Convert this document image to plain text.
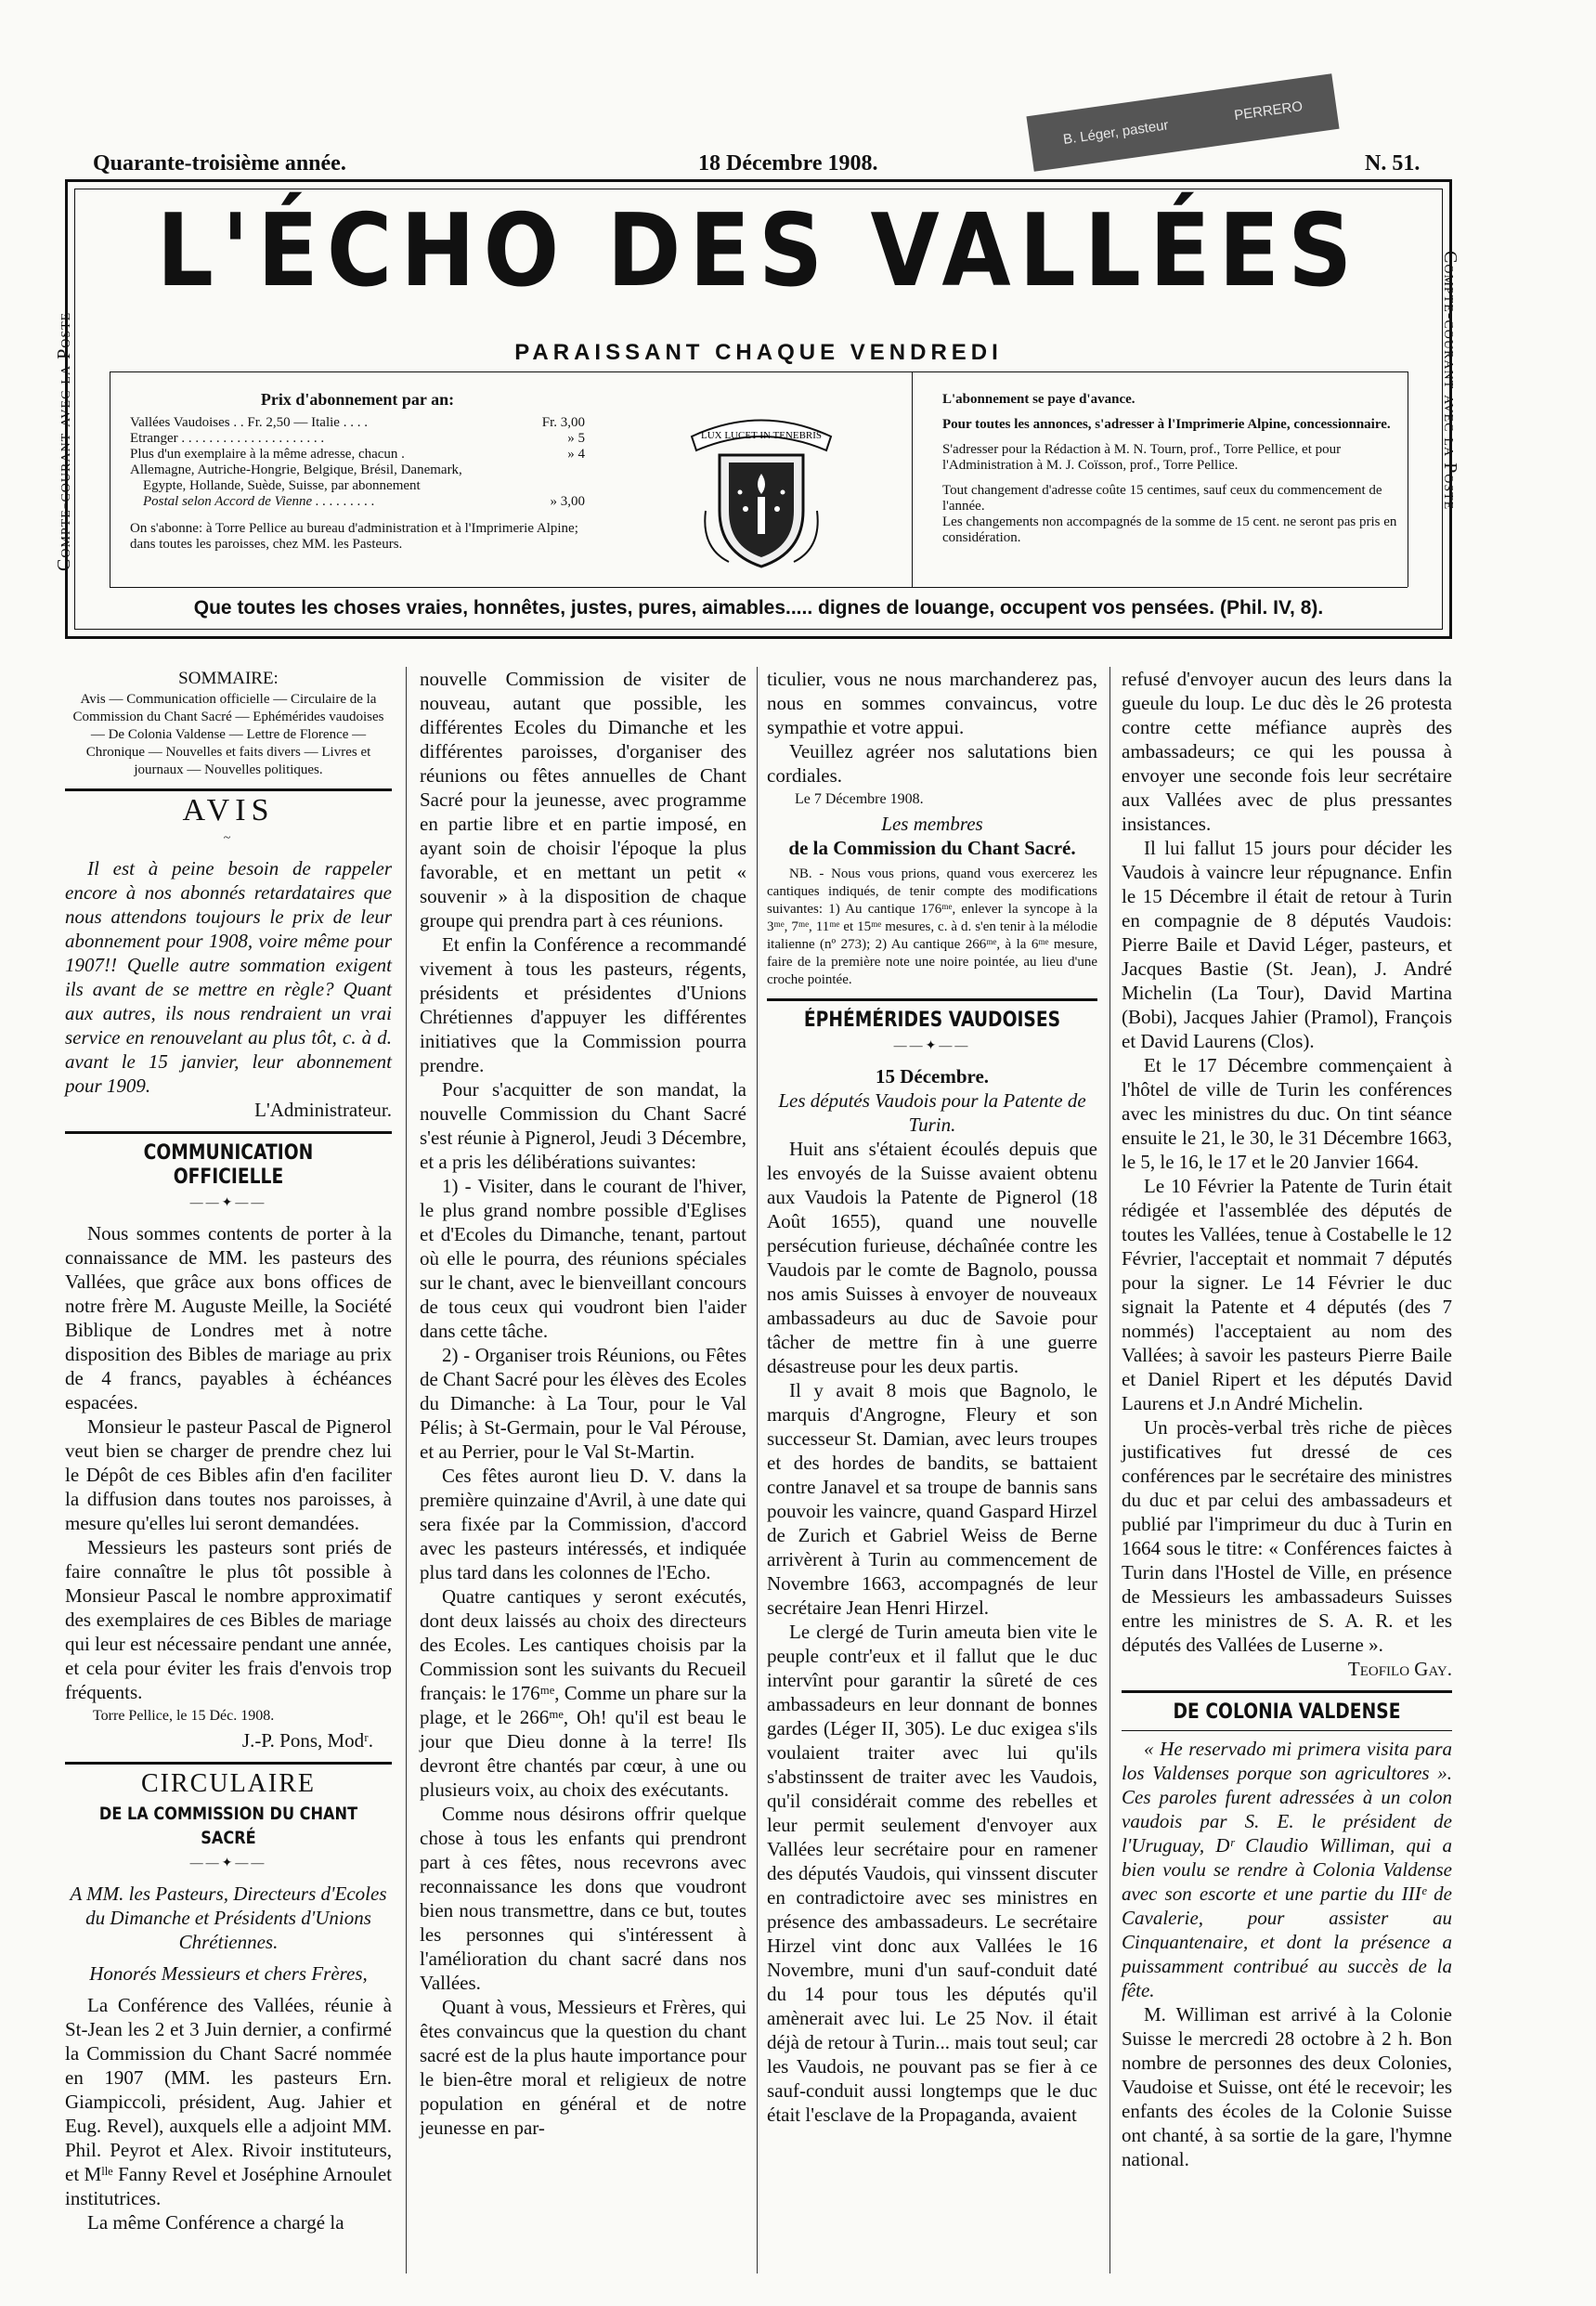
B. Léger, pasteur
PERRERO
Quarante-troisième année.	18 Décembre 1908.	N. 51.
Compte-courant avec la Poste	Compte-courant avec la Poste
L'ÉCHO DES VALLÉES
PARAISSANT CHAQUE VENDREDI
Prix d'abonnement par an:
Vallées Vaudoises . . Fr. 2,50 — Italie . . . .	Fr. 3,00
Etranger . . . . . . . . . . . . . . . . . . . . .	» 5
Plus d'un exemplaire à la même adresse, chacun .	» 4
Allemagne, Autriche-Hongrie, Belgique, Brésil, Danemark,
Egypte, Hollande, Suède, Suisse, par abonnement
Postal selon Accord de Vienne . . . . . . . . .	» 3,00
On s'abonne: à Torre Pellice au bureau d'administration et à l'Imprimerie Alpine; dans toutes les paroisses, chez MM. les Pasteurs.
LUX LUCET IN TENEBRIS

L'abonnement se paye d'avance.

Pour toutes les annonces, s'adresser à l'Imprimerie Alpine, concessionnaire.

S'adresser pour la Rédaction à M. N. Tourn, prof., Torre Pellice, et pour l'Administration à M. J. Coïsson, prof., Torre Pellice.

Tout changement d'adresse coûte 15 centimes, sauf ceux du commencement de l'année.

Les changements non accompagnés de la somme de 15 cent. ne seront pas pris en considération.

Que toutes les choses vraies, honnêtes, justes, pures, aimables..... dignes de louange, occupent vos pensées. (Phil. IV, 8).
SOMMAIRE:
Avis — Communication officielle — Circulaire de la Commission du Chant Sacré — Ephémérides vaudoises — De Colonia Valdense — Lettre de Florence — Chronique — Nouvelles et faits divers — Livres et journaux — Nouvelles politiques.
AVIS
~

Il est à peine besoin de rappeler encore à nos abonnés retardataires que nous attendons toujours le prix de leur abonnement pour 1908, voire même pour 1907!! Quelle autre sommation exigent ils avant de se mettre en règle? Quant aux autres, ils nous rendraient un vrai service en renouvelant au plus tôt, c. à d. avant le 15 janvier, leur abonnement pour 1909.

L'Administrateur.
COMMUNICATION OFFICIELLE
——✦——

Nous sommes contents de porter à la connaissance de MM. les pasteurs des Vallées, que grâce aux bons offices de notre frère M. Auguste Meille, la Société Biblique de Londres met à notre disposition des Bibles de mariage au prix de 4 francs, payables à échéances espacées.

Monsieur le pasteur Pascal de Pignerol veut bien se charger de prendre chez lui le Dépôt de ces Bibles afin d'en faciliter la diffusion dans toutes nos paroisses, à mesure qu'elles lui seront demandées.

Messieurs les pasteurs sont priés de faire connaître le plus tôt possible à Monsieur Pascal le nombre approximatif des exemplaires de ces Bibles de mariage qui leur est nécessaire pendant une année, et cela pour éviter les frais d'envois trop fréquents.

Torre Pellice, le 15 Déc. 1908.
J.-P. Pons, Modʳ.
CIRCULAIRE
DE LA COMMISSION DU CHANT SACRÉ
——✦——
A MM. les Pasteurs, Directeurs d'Ecoles du Dimanche et Présidents d'Unions Chrétiennes.
Honorés Messieurs et chers Frères,

La Conférence des Vallées, réunie à St-Jean les 2 et 3 Juin dernier, a confirmé la Commission du Chant Sacré nommée en 1907 (MM. les pasteurs Ern. Giampiccoli, président, Aug. Jahier et Eug. Revel), auxquels elle a adjoint MM. Phil. Peyrot et Alex. Rivoir instituteurs, et Mˡˡᵉ Fanny Revel et Joséphine Arnoulet institutrices.

La même Conférence a chargé la

nouvelle Commission de visiter de nouveau, autant que possible, les différentes Ecoles du Dimanche et les différentes paroisses, d'organiser des réunions ou fêtes annuelles de Chant Sacré pour la jeunesse, avec programme en partie libre et en partie imposé, en ayant soin de choisir l'époque la plus favorable, et en mettant un petit « souvenir » à la disposition de chaque groupe qui prendra part à ces réunions.

Et enfin la Conférence a recommandé vivement à tous les pasteurs, régents, présidents et présidentes d'Unions Chrétiennes d'appuyer les différentes initiatives que la Commission pourra prendre.

Pour s'acquitter de son mandat, la nouvelle Commission du Chant Sacré s'est réunie à Pignerol, Jeudi 3 Décembre, et a pris les délibérations suivantes:

1) - Visiter, dans le courant de l'hiver, le plus grand nombre possible d'Eglises et d'Ecoles du Dimanche, tenant, partout où elle le pourra, des réunions spéciales sur le chant, avec le bienveillant concours de tous ceux qui voudront bien l'aider dans cette tâche.

2) - Organiser trois Réunions, ou Fêtes de Chant Sacré pour les élèves des Ecoles du Dimanche: à La Tour, pour le Val Pélis; à St-Germain, pour le Val Pérouse, et au Perrier, pour le Val St-Martin.

Ces fêtes auront lieu D. V. dans la première quinzaine d'Avril, à une date qui sera fixée par la Commission, d'accord avec les pasteurs intéressés, et indiquée plus tard dans les colonnes de l'Echo.

Quatre cantiques y seront exécutés, dont deux laissés au choix des directeurs des Ecoles. Les cantiques choisis par la Commission sont les suivants du Recueil français: le 176ᵐᵉ, Comme un phare sur la plage, et le 266ᵐᵉ, Oh! qu'il est beau le jour que Dieu donne à la terre! Ils devront être chantés par cœur, à une ou plusieurs voix, au choix des exécutants.

Comme nous désirons offrir quelque chose à tous les enfants qui prendront part à ces fêtes, nous recevrons avec reconnaissance les dons que voudront bien nous transmettre, dans ce but, toutes les personnes qui s'intéressent à l'amélioration du chant sacré dans nos Vallées.

Quant à vous, Messieurs et Frères, qui êtes convaincus que la question du chant sacré est de la plus haute importance pour le bien-être moral et religieux de notre population en général et de notre jeunesse en par-

ticulier, vous ne nous marchanderez pas, nous en sommes convaincus, votre sympathie et votre appui.

Veuillez agréer nos salutations bien cordiales.

Le 7 Décembre 1908.
Les membres
de la Commission du Chant Sacré.

NB. - Nous vous prions, quand vous exercerez les cantiques indiqués, de tenir compte des modifications suivantes: 1) Au cantique 176ᵐᵉ, enlever la syncope à la 3ᵐᵉ, 7ᵐᵉ, 11ᵐᵉ et 15ᵐᵉ mesures, c. à d. s'en tenir à la mélodie italienne (nº 273); 2) Au cantique 266ᵐᵉ, à la 6ᵐᵉ mesure, faire de la première note une noire pointée, au lieu d'une croche pointée.

ÉPHÉMÉRIDES VAUDOISES
——✦——
15 Décembre.
Les députés Vaudois pour la Patente de Turin.

Huit ans s'étaient écoulés depuis que les envoyés de la Suisse avaient obtenu aux Vaudois la Patente de Pignerol (18 Août 1655), quand une nouvelle persécution furieuse, déchaînée contre les Vaudois par le comte de Bagnolo, poussa nos amis Suisses à envoyer de nouveaux ambassadeurs au duc de Savoie pour tâcher de mettre fin à une guerre désastreuse pour les deux partis.

Il y avait 8 mois que Bagnolo, le marquis d'Angrogne, Fleury et son successeur St. Damian, avec leurs troupes et des hordes de bandits, se battaient contre Janavel et sa troupe de bannis sans pouvoir les vaincre, quand Gaspard Hirzel de Zurich et Gabriel Weiss de Berne arrivèrent à Turin au commencement de Novembre 1663, accompagnés de leur secrétaire Jean Henri Hirzel.

Le clergé de Turin ameuta bien vite le peuple contr'eux et il fallut que le duc intervînt pour garantir la sûreté de ces ambassadeurs en leur donnant de bonnes gardes (Léger II, 305). Le duc exigea s'ils voulaient traiter avec lui qu'ils s'abstinssent de traiter avec les Vaudois, qu'il considérait comme des rebelles et leur permit seulement d'envoyer aux Vallées leur secrétaire pour en ramener des députés Vaudois, qui vinssent discuter en contradictoire avec ses ministres en présence des ambassadeurs. Le secrétaire Hirzel vint donc aux Vallées le 16 Novembre, muni d'un sauf-conduit daté du 14 pour tous les députés qu'il amènerait avec lui. Le 25 Nov. il était déjà de retour à Turin... mais tout seul; car les Vaudois, ne pouvant pas se fier à ce sauf-conduit aussi longtemps que le duc était l'esclave de la Propaganda, avaient

refusé d'envoyer aucun des leurs dans la gueule du loup. Le duc dès le 26 protesta contre cette méfiance auprès des ambassadeurs; ce qui les poussa à envoyer une seconde fois leur secrétaire aux Vallées avec de plus pressantes insistances.

Il lui fallut 15 jours pour décider les Vaudois à vaincre leur répugnance. Enfin le 15 Décembre il était de retour à Turin en compagnie de 8 députés Vaudois: Pierre Baile et David Léger, pasteurs, et Jacques Bastie (St. Jean), J. André Michelin (La Tour), David Martina (Bobi), Jacques Jahier (Pramol), François et David Laurens (Clos).

Et le 17 Décembre commençaient à l'hôtel de ville de Turin les conférences avec les ministres du duc. On tint séance ensuite le 21, le 30, le 31 Décembre 1663, le 5, le 16, le 17 et le 20 Janvier 1664.

Le 10 Février la Patente de Turin était rédigée et l'assemblée des députés de toutes les Vallées, tenue à Costabelle le 12 Février, l'acceptait et nommait 7 députés pour la signer. Le 14 Février le duc signait la Patente et 4 députés (des 7 nommés) l'acceptaient au nom des Vallées; à savoir les pasteurs Pierre Baile et Daniel Ripert et les députés David Laurens et J.n André Michelin.

Un procès-verbal très riche de pièces justificatives fut dressé de ces conférences par le secrétaire des ministres du duc et par celui des ambassadeurs et publié par l'imprimeur du duc à Turin en 1664 sous le titre: « Conférences faictes à Turin dans l'Hostel de Ville, en présence de Messieurs les ambassadeurs Suisses entre les ministres de S. A. R. et les députés des Vallées de Luserne ».

Teofilo Gay.
DE COLONIA VALDENSE

« He reservado mi primera visita para los Valdenses porque son agricultores ». Ces paroles furent adressées à un colon vaudois par S. E. le président de l'Uruguay, Dʳ Claudio Williman, qui a bien voulu se rendre à Colonia Valdense avec son escorte et une partie du IIIᵉ de Cavalerie, pour assister au Cinquantenaire, et dont la présence a puissamment contribué au succès de la fête.

M. Williman est arrivé à la Colonie Suisse le mercredi 28 octobre à 2 h. Bon nombre de personnes des deux Colonies, Vaudoise et Suisse, ont été le recevoir; les enfants des écoles de la Colonie Suisse ont chanté, à sa sortie de la gare, l'hymne national.
